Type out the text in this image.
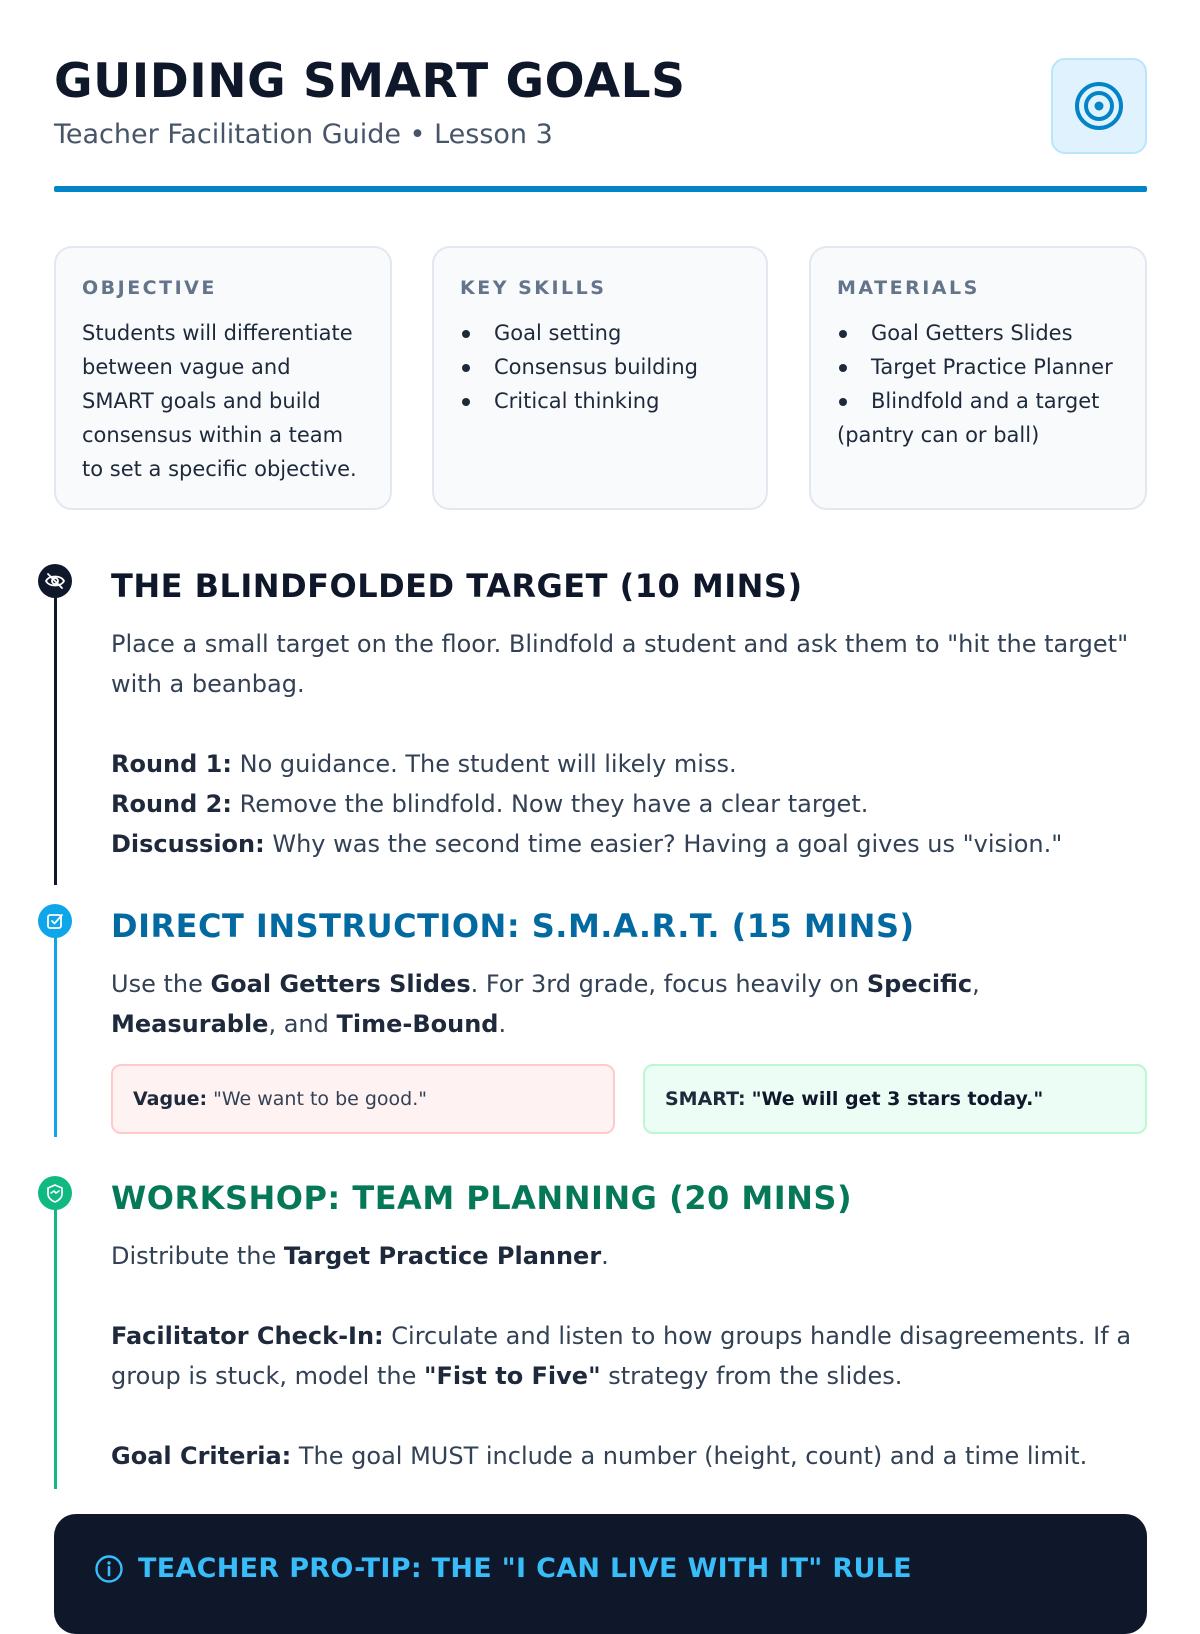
GUIDING SMART GOALS
Teacher Facilitation Guide • Lesson 3
OBJECTIVE
Students will differentiate between vague and SMART goals and build consensus within a team to set a specific objective.
KEY SKILLS
Goal setting
Consensus building
Critical thinking
MATERIALS
Goal Getters Slides
Target Practice Planner
Blindfold and a target
(pantry can or ball)
THE BLINDFOLDED TARGET (10 MINS)

Place a small target on the floor. Blindfold a student and ask them to "hit the target" with a beanbag.

Round 1: No guidance. The student will likely miss.

Round 2: Remove the blindfold. Now they have a clear target.

Discussion: Why was the second time easier? Having a goal gives us "vision."

DIRECT INSTRUCTION: S.M.A.R.T. (15 MINS)

Use the Goal Getters Slides. For 3rd grade, focus heavily on Specific, Measurable, and Time-Bound.

Vague: "We want to be good."	SMART: "We will get 3 stars today."
WORKSHOP: TEAM PLANNING (20 MINS)

Distribute the Target Practice Planner.

Facilitator Check-In: Circulate and listen to how groups handle disagreements. If a group is stuck, model the "Fist to Five" strategy from the slides.

Goal Criteria: The goal MUST include a number (height, count) and a time limit.

TEACHER PRO-TIP: THE "I CAN LIVE WITH IT" RULE
